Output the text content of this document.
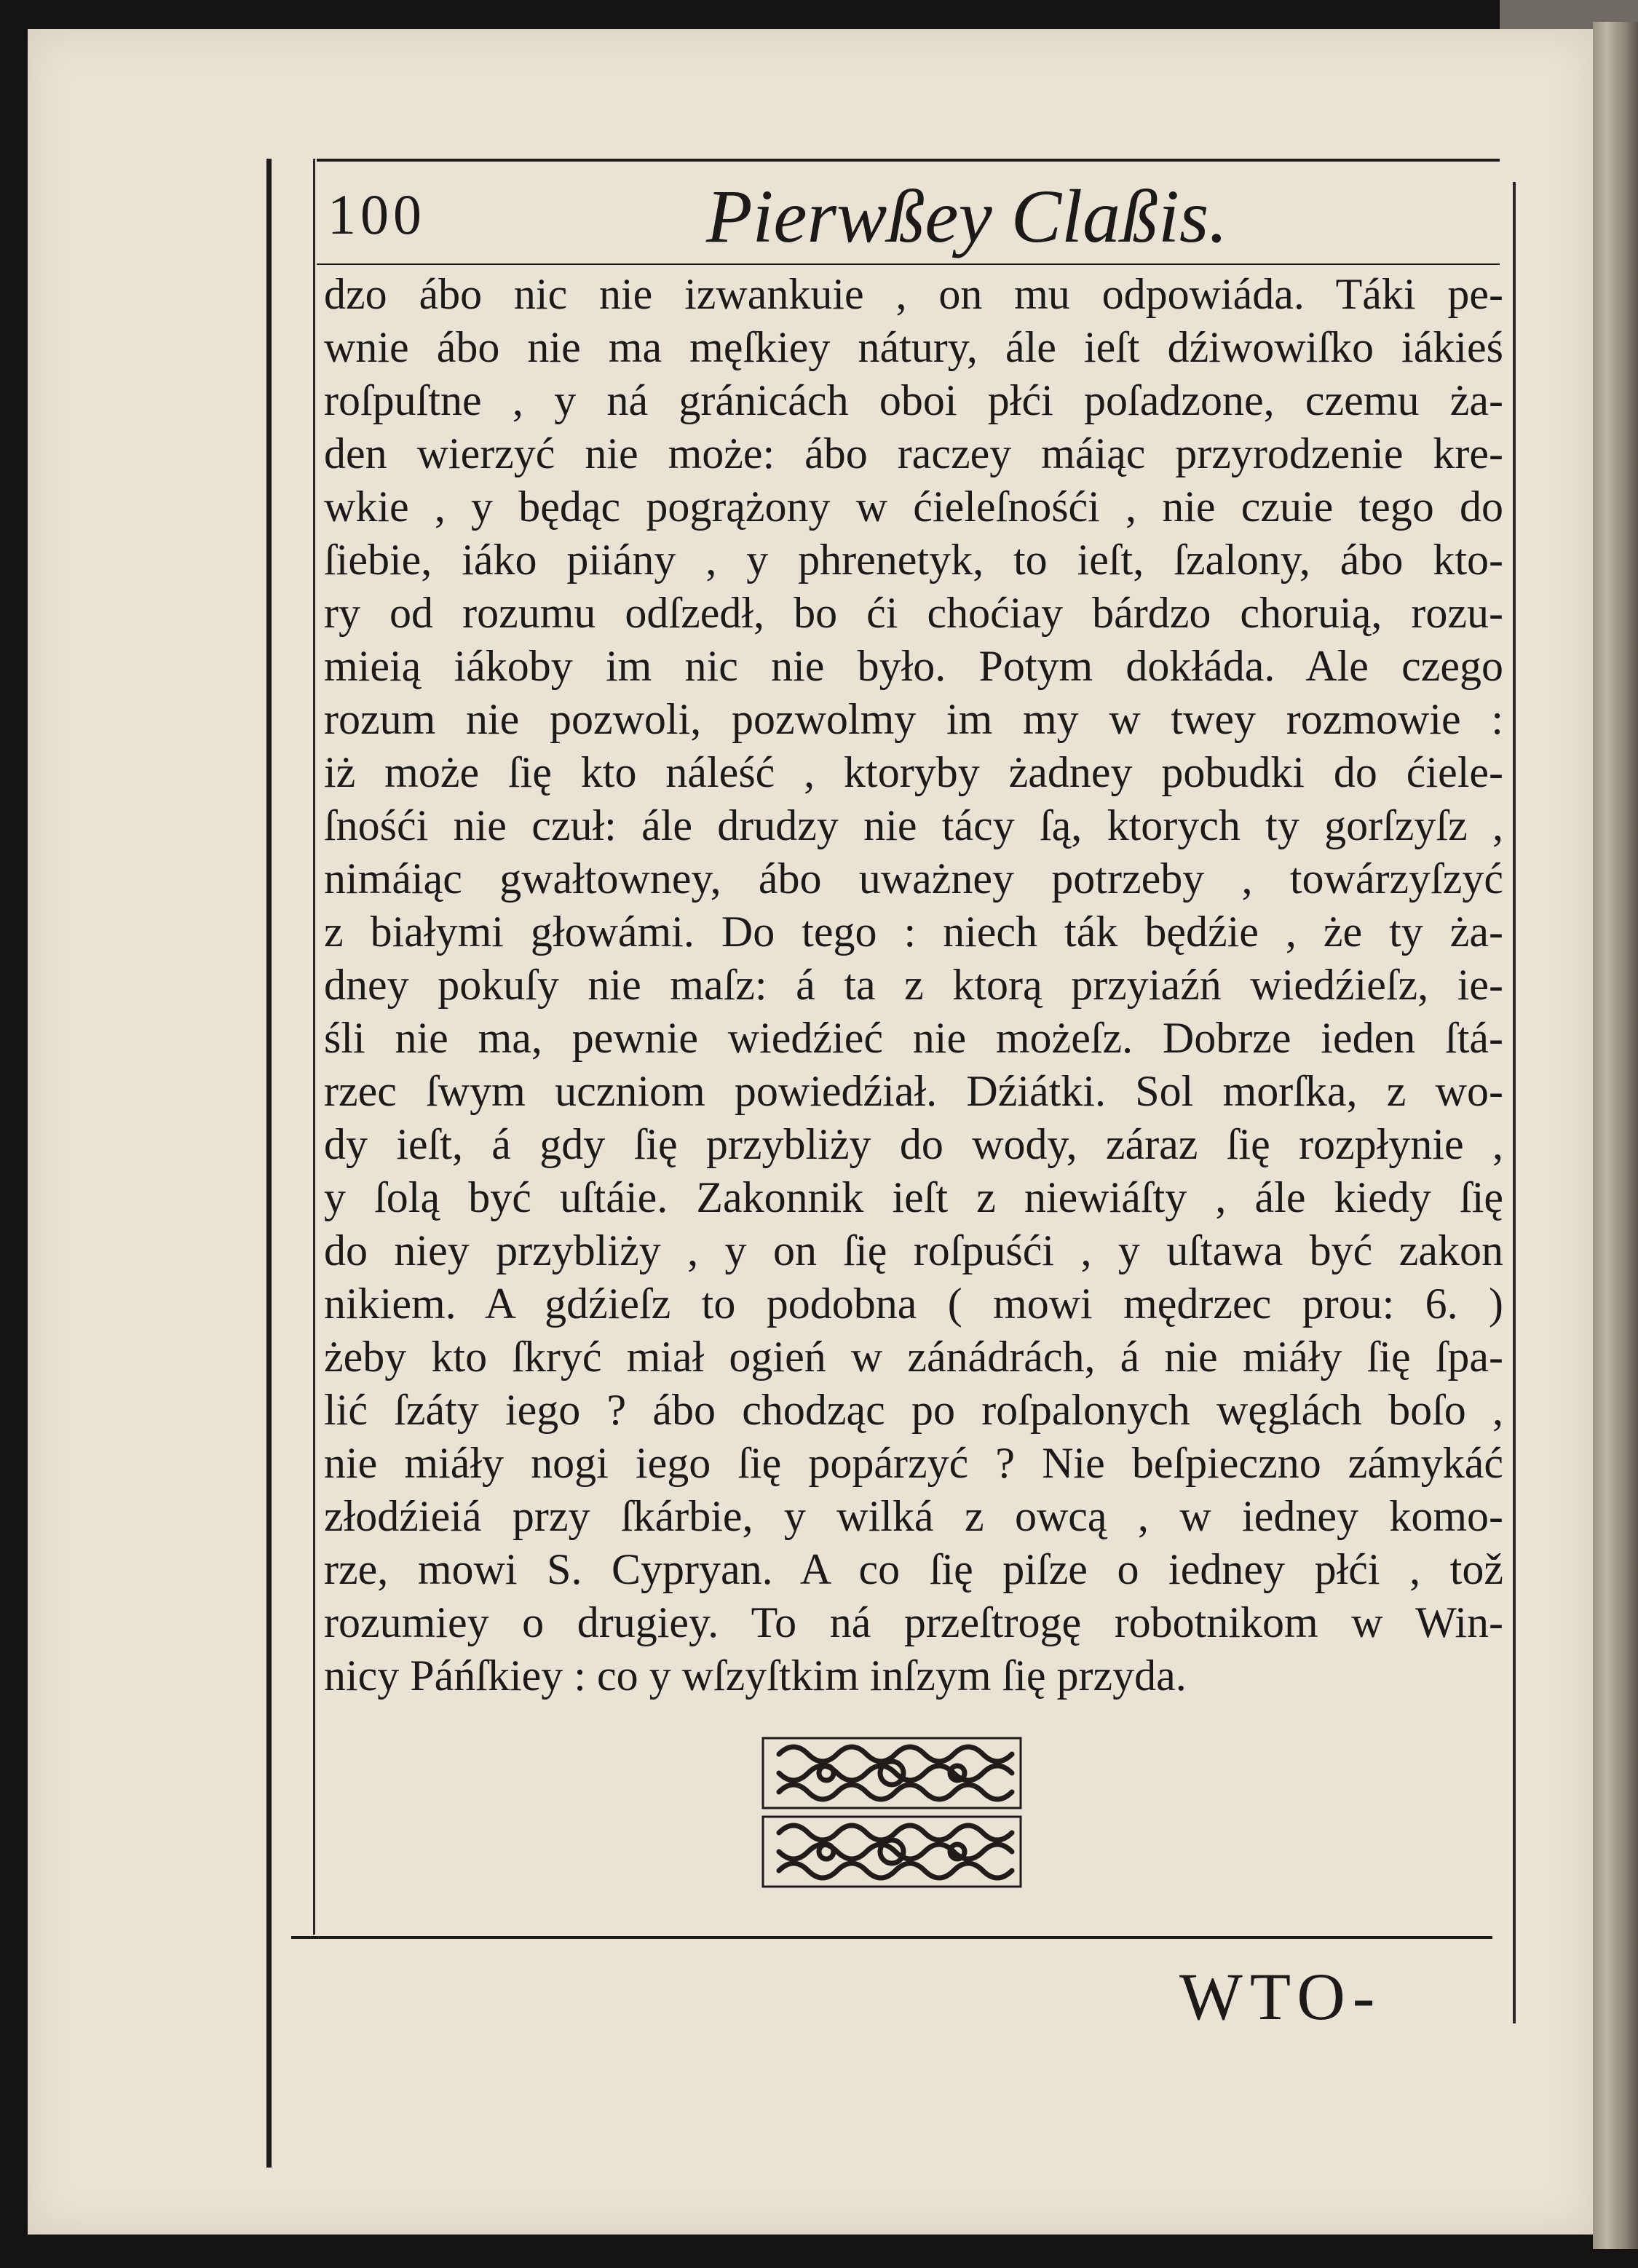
100	Pierwßey Claßis.
dzo ábo nic nie izwankuie , on mu odpowiáda. Táki pe-
wnie ábo nie ma męſkiey nátury, ále ieſt dźiwowiſko iákieś
roſpuſtne , y ná gránicách oboi płći poſadzone, czemu ża-
den wierzyć nie może: ábo raczey máiąc przyrodzenie kre-
wkie , y będąc pogrążony w ćieleſnośći , nie czuie tego do
ſiebie, iáko piiány , y phrenetyk, to ieſt, ſzalony, ábo kto-
ry od rozumu odſzedł, bo ći choćiay bárdzo choruią, rozu-
mieią iákoby im nic nie było. Potym dokłáda. Ale czego
rozum nie pozwoli, pozwolmy im my w twey rozmowie :
iż może ſię kto náleść , ktoryby żadney pobudki do ćiele-
ſnośći nie czuł: ále drudzy nie tácy ſą, ktorych ty gorſzyſz ,
nimáiąc gwałtowney, ábo uważney potrzeby , towárzyſzyć
z białymi głowámi. Do tego : niech ták będźie , że ty ża-
dney pokuſy nie maſz: á ta z ktorą przyiaźń wiedźieſz, ie-
śli nie ma, pewnie wiedźieć nie możeſz. Dobrze ieden ſtá-
rzec ſwym uczniom powiedźiał. Dźiátki. Sol morſka, z wo-
dy ieſt, á gdy ſię przybliży do wody, záraz ſię rozpłynie ,
y ſolą być uſtáie. Zakonnik ieſt z niewiáſty , ále kiedy ſię
do niey przybliży , y on ſię roſpuśći , y uſtawa być zakon
nikiem. A gdźieſz to podobna ( mowi mędrzec prou: 6. )
żeby kto ſkryć miał ogień w zánádrách, á nie miáły ſię ſpa-
lić ſzáty iego ? ábo chodząc po roſpalonych węglách boſo ,
nie miáły nogi iego ſię popárzyć ? Nie beſpieczno zámykáć
złodźieiá przy ſkárbie, y wilká z owcą , w iedney komo-
rze, mowi S. Cypryan. A co ſię piſze o iedney płći , tož
rozumiey o drugiey. To ná przeſtrogę robotnikom w Win-
nicy Páńſkiey : co y wſzyſtkim inſzym ſię przyda.
WTO-
